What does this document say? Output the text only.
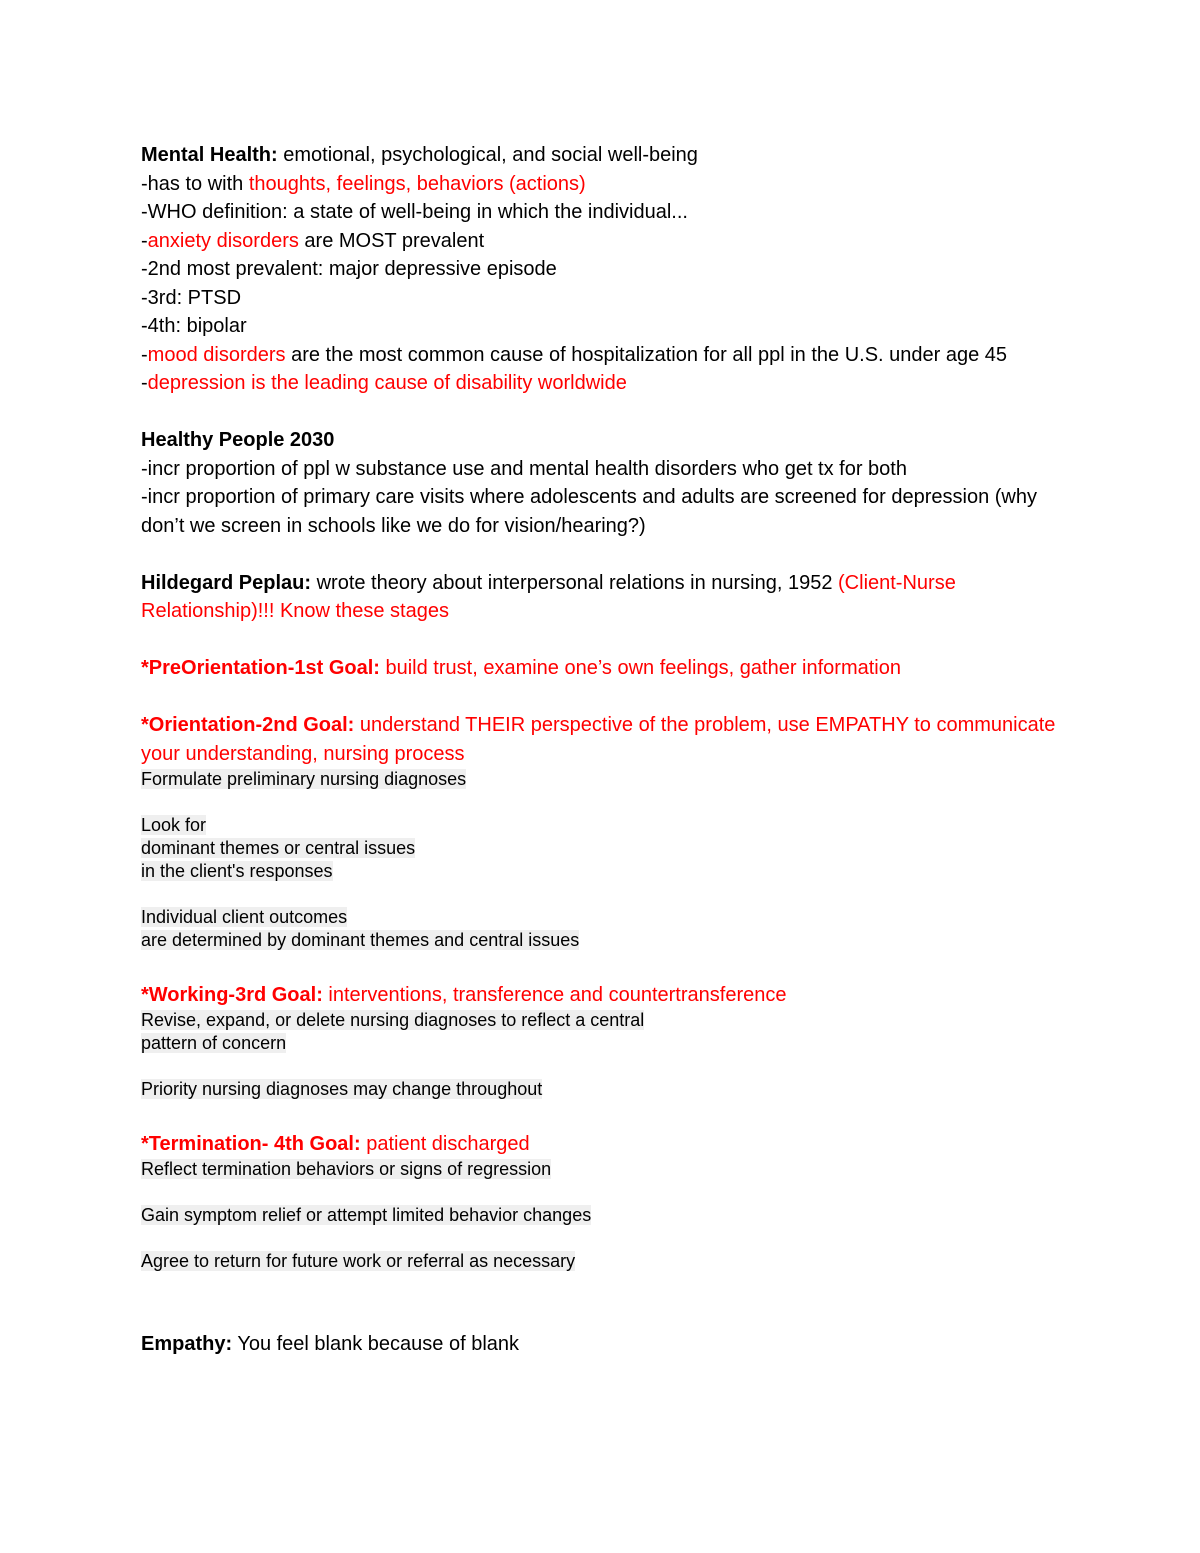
Mental Health: emotional, psychological, and social well-being

-has to with thoughts, feelings, behaviors (actions)

-WHO definition: a state of well-being in which the individual...

-anxiety disorders are MOST prevalent

-2nd most prevalent: major depressive episode

-3rd: PTSD

-4th: bipolar

-mood disorders are the most common cause of hospitalization for all ppl in the U.S. under age 45

-depression is the leading cause of disability worldwide

Healthy People 2030

-incr proportion of ppl w substance use and mental health disorders who get tx for both

-incr proportion of primary care visits where adolescents and adults are screened for depression (why don’t we screen in schools like we do for vision/hearing?)

Hildegard Peplau: wrote theory about interpersonal relations in nursing, 1952 (Client-Nurse Relationship)!!! Know these stages

*PreOrientation-1st Goal: build trust, examine one’s own feelings, gather information

*Orientation-2nd Goal: understand THEIR perspective of the problem, use EMPATHY to communicate your understanding, nursing process

Formulate preliminary nursing diagnoses

Look for

dominant themes or central issues

in the client's responses

Individual client outcomes

are determined by dominant themes and central issues

*Working-3rd Goal: interventions, transference and countertransference

Revise, expand, or delete nursing diagnoses to reflect a central

pattern of concern

Priority nursing diagnoses may change throughout

*Termination- 4th Goal: patient discharged

Reflect termination behaviors or signs of regression

Gain symptom relief or attempt limited behavior changes

Agree to return for future work or referral as necessary

Empathy: You feel blank because of blank
